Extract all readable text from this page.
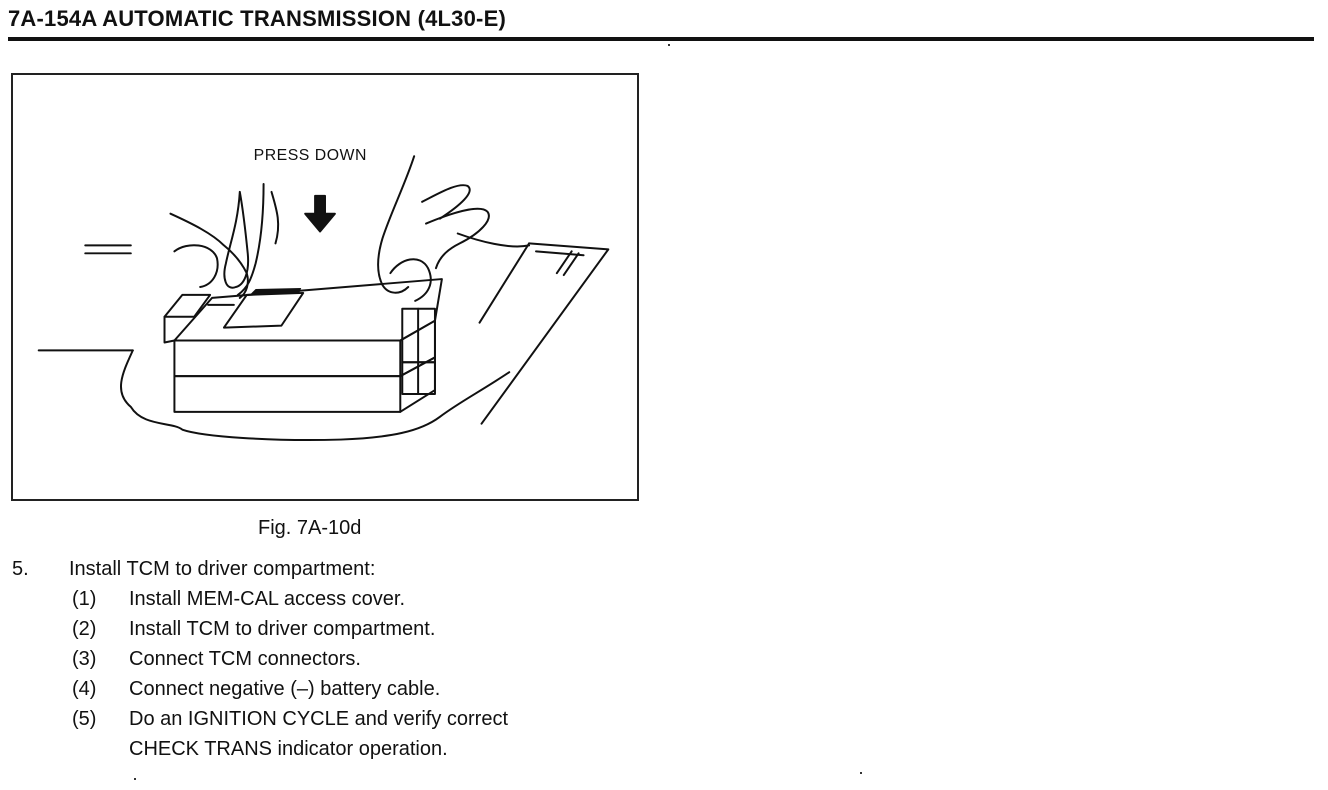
7A-154A AUTOMATIC TRANSMISSION (4L30-E)
PRESS DOWN

Fig. 7A-10d

5.	Install TCM to driver compartment:
(1)	Install MEM-CAL access cover.
(2)	Install TCM to driver compartment.
(3)	Connect TCM connectors.
(4)	Connect negative (–) battery cable.
(5)	Do an IGNITION CYCLE and verify correct
CHECK TRANS indicator operation.
